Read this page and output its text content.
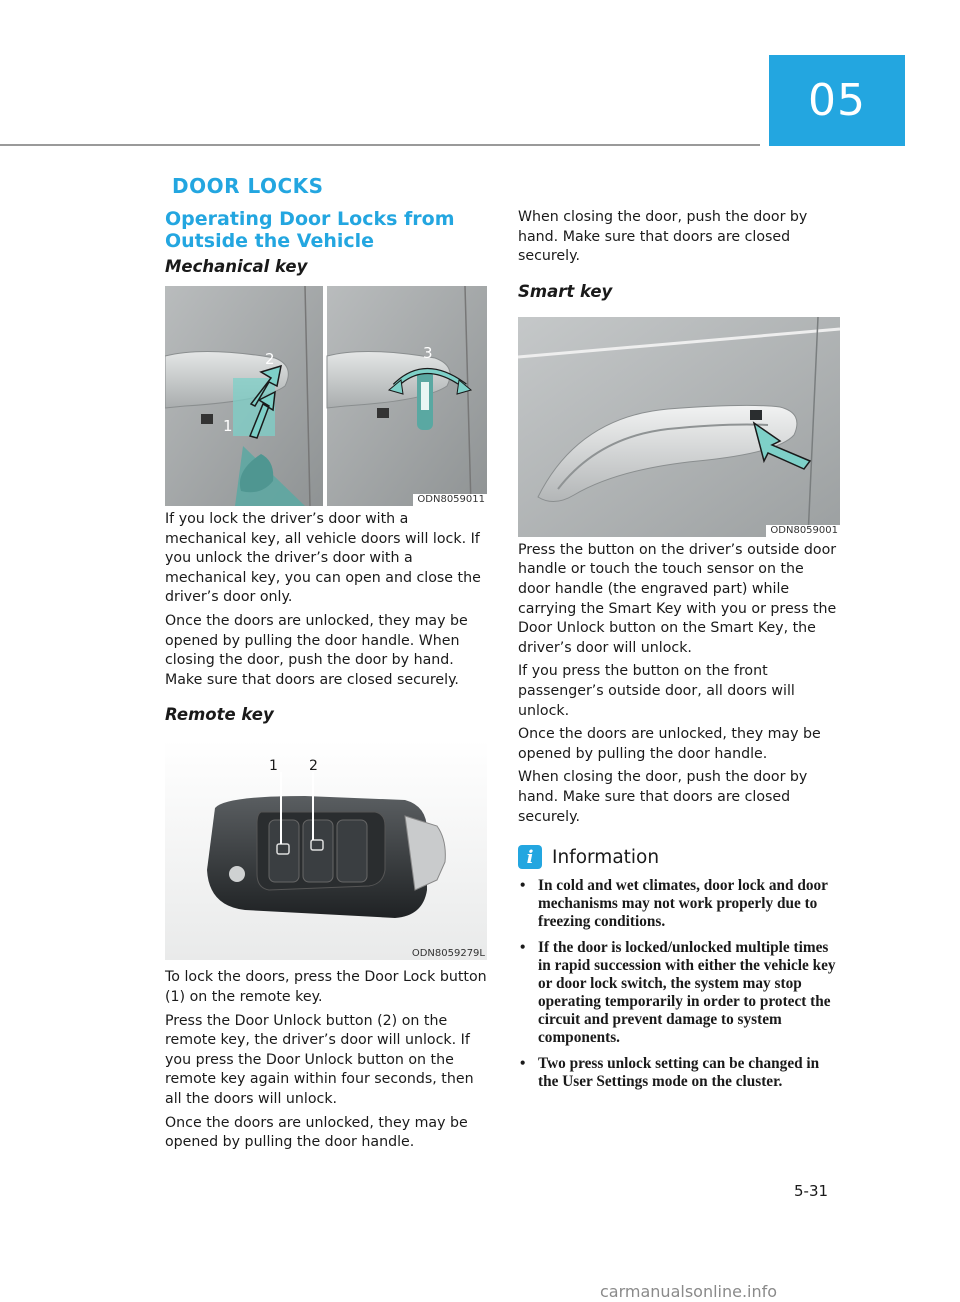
05
DOOR LOCKS
Operating Door Locks from
Outside the Vehicle
Mechanical key
1
2	3
ODN8059011

If you lock the driver’s door with a mechanical key, all vehicle doors will lock. If you unlock the driver’s door with a mechanical key, you can open and close the driver’s door only.

Once the doors are unlocked, they may be opened by pulling the door handle. When closing the door, push the door by hand. Make sure that doors are closed securely.

Remote key
1 2
ODN8059279L

To lock the doors, press the Door Lock button (1) on the remote key.

Press the Door Unlock button (2) on the remote key, the driver’s door will unlock. If you press the Door Unlock button on the remote key again within four seconds, then all the doors will unlock.

Once the doors are unlocked, they may be opened by pulling the door handle.

When closing the door, push the door by hand. Make sure that doors are closed securely.

Smart key
ODN8059001

Press the button on the driver’s outside door handle or touch the touch sensor on the door handle (the engraved part) while carrying the Smart Key with you or press the Door Unlock button on the Smart Key, the driver’s door will unlock.

If you press the button on the front passenger’s outside door, all doors will unlock.

Once the doors are unlocked, they may be opened by pulling the door handle.

When closing the door, push the door by hand. Make sure that doors are closed securely.

i	Information
• In cold and wet climates, door lock and door mechanisms may not work properly due to freezing conditions.
• If the door is locked/unlocked multiple times in rapid succession with either the vehicle key or door lock switch, the system may stop operating temporarily in order to protect the circuit and prevent damage to system components.
• Two press unlock setting can be changed in the User Settings mode on the cluster.
5-31
carmanualsonline.info
